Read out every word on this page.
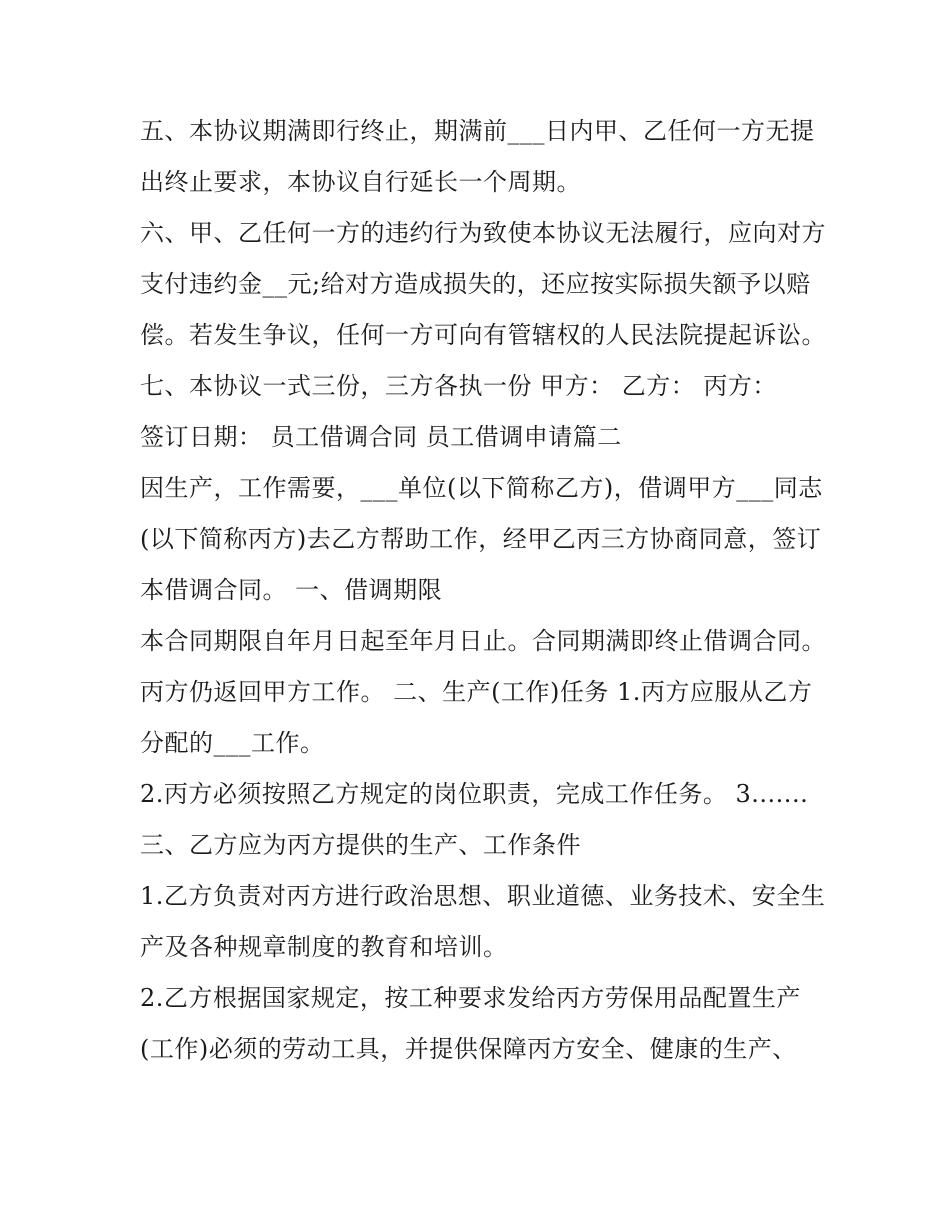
五、本协议期满即行终止，期满前___日内甲、乙任何一方无提出终止要求，本协议自行延长一个周期。

六、甲、乙任何一方的违约行为致使本协议无法履行，应向对方支付违约金__元;给对方造成损失的，还应按实际损失额予以赔偿。若发生争议，任何一方可向有管辖权的人民法院提起诉讼。

七、本协议一式三份，三方各执一份 甲方： 乙方： 丙方：

签订日期： 员工借调合同 员工借调申请篇二

因生产，工作需要，___单位(以下简称乙方)，借调甲方___同志(以下简称丙方)去乙方帮助工作，经甲乙丙三方协商同意，签订本借调合同。 一、借调期限

本合同期限自年月日起至年月日止。合同期满即终止借调合同。丙方仍返回甲方工作。 二、生产(工作)任务 1.丙方应服从乙方分配的___工作。

2.丙方必须按照乙方规定的岗位职责，完成工作任务。 3.......

三、乙方应为丙方提供的生产、工作条件

1.乙方负责对丙方进行政治思想、职业道德、业务技术、安全生产及各种规章制度的教育和培训。

2.乙方根据国家规定，按工种要求发给丙方劳保用品配置生产(工作)必须的劳动工具，并提供保障丙方安全、健康的生产、
